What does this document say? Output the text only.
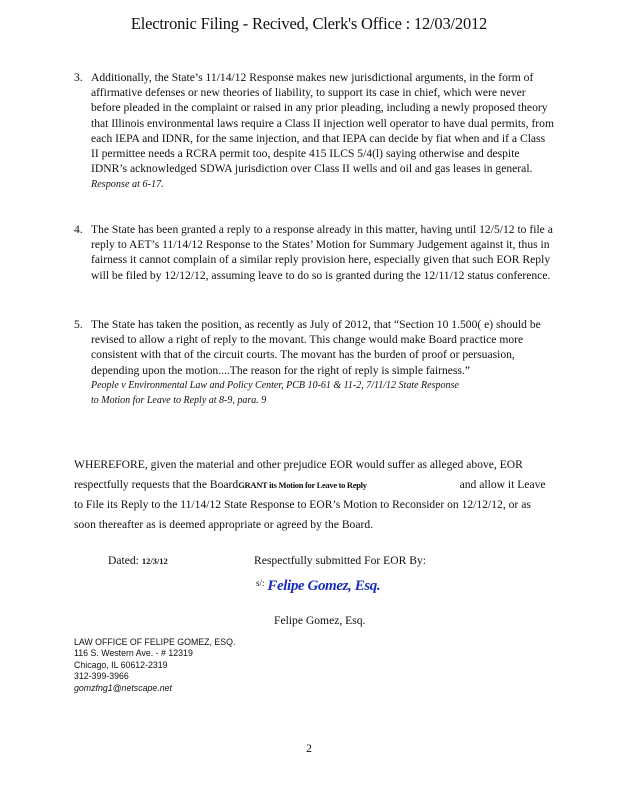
Electronic Filing - Recived, Clerk's Office : 12/03/2012
3. Additionally, the State’s 11/14/12 Response makes new jurisdictional arguments, in the form of affirmative defenses or new theories of liability, to support its case in chief, which were never before pleaded in the complaint or raised in any prior pleading, including a newly proposed theory that Illinois environmental laws require a Class II injection well operator to have dual permits, from each IEPA and IDNR, for the same injection, and that IEPA can decide by fiat when and if a Class II permittee needs a RCRA permit too, despite 415 ILCS 5/4(l) saying otherwise and despite IDNR’s acknowledged SDWA jurisdiction over Class II wells and oil and gas leases in general. Response at 6-17.
4. The State has been granted a reply to a response already in this matter, having until 12/5/12 to file a reply to AET’s 11/14/12 Response to the States’ Motion for Summary Judgement against it, thus in fairness it cannot complain of a similar reply provision here, especially given that such EOR Reply will be filed by 12/12/12, assuming leave to do so is granted during the 12/11/12 status conference.
5. The State has taken the position, as recently as July of 2012, that “Section 10 1.500( e) should be revised to allow a right of reply to the movant. This change would make Board practice more consistent with that of the circuit courts. The movant has the burden of proof or persuasion, depending upon the motion....The reason for the right of reply is simple fairness.”
People v Environmental Law and Policy Center, PCB 10-61 & 11-2, 7/11/12 State Response
to Motion for Leave to Reply at 8-9, para. 9
WHEREFORE, given the material and other prejudice EOR would suffer as alleged above, EOR respectfully requests that the BoardGRANT its Motion for Leave to Reply	and allow it Leave to File its Reply to the 11/14/12 State Response to EOR’s Motion to Reconsider on 12/12/12, or as soon thereafter as is deemed appropriate or agreed by the Board.
Dated: 12/3/12	Respectfully submitted For EOR By:
$^{s/:}$ Felipe Gomez, Esq.
Felipe Gomez, Esq.
LAW OFFICE OF FELIPE GOMEZ, ESQ.
116 S. Western Ave. - # 12319
Chicago, IL 60612-2319
312-399-3966
gomzfng1@netscape.net
2
